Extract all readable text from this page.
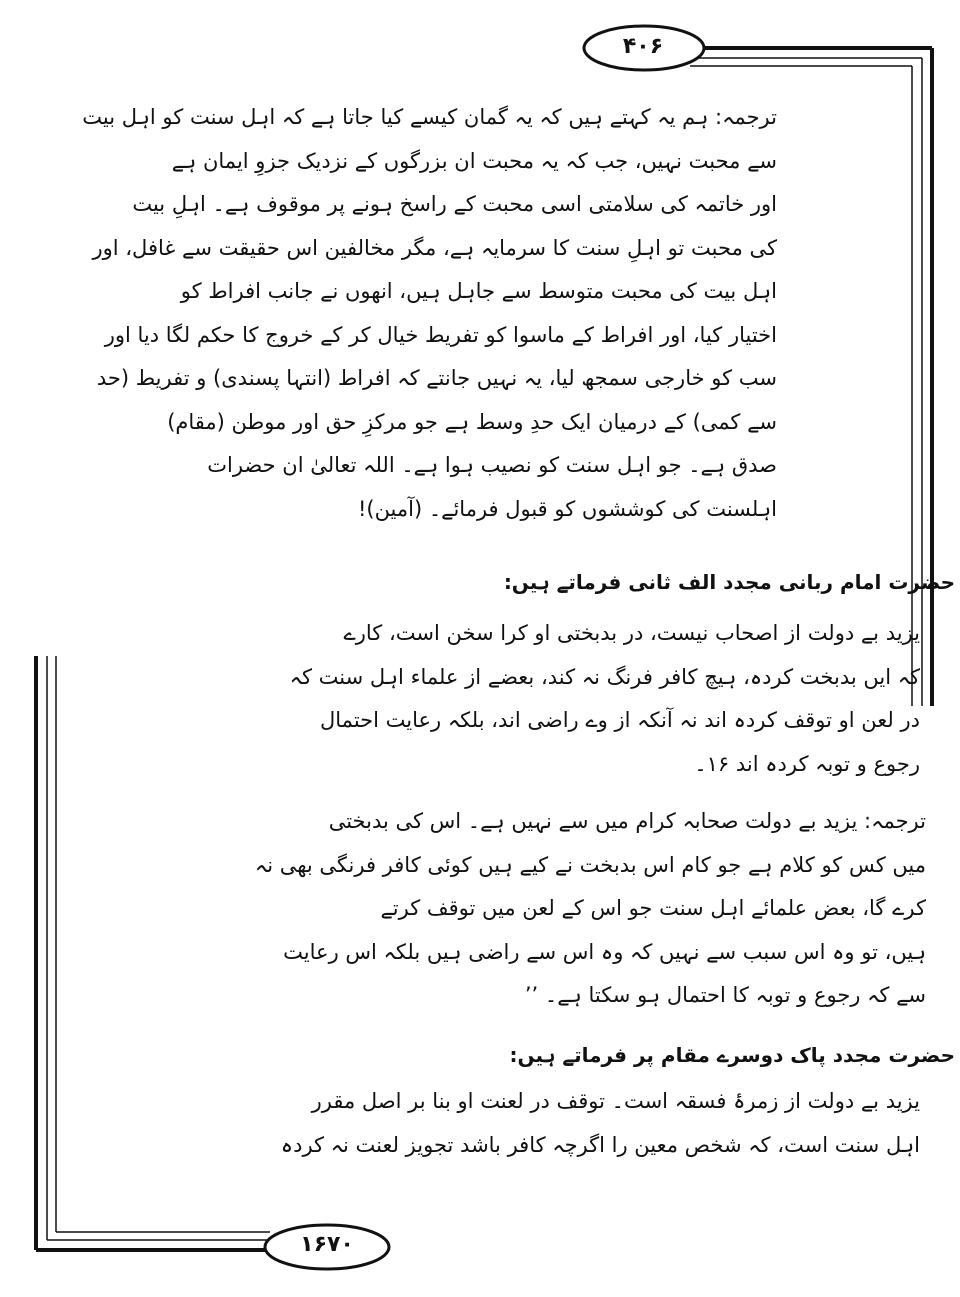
۴۰۶
۱۶۷۰
ترجمہ: ہم یہ کہتے ہیں کہ یہ گمان کیسے کیا جاتا ہے کہ اہل سنت کو اہل بیت
سے محبت نہیں، جب کہ یہ محبت ان بزرگوں کے نزدیک جزوِ ایمان ہے
اور خاتمہ کی سلامتی اسی محبت کے راسخ ہونے پر موقوف ہے۔ اہلِ بیت
کی محبت تو اہلِ سنت کا سرمایہ ہے، مگر مخالفین اس حقیقت سے غافل، اور
اہل بیت کی محبت متوسط سے جاہل ہیں، انھوں نے جانب افراط کو
اختیار کیا، اور افراط کے ماسوا کو تفریط خیال کر کے خروج کا حکم لگا دیا اور
سب کو خارجی سمجھ لیا، یہ نہیں جانتے کہ افراط (انتہا پسندی) و تفریط (حد
سے کمی) کے درمیان ایک حدِ وسط ہے جو مرکزِ حق اور موطن (مقام)
صدق ہے۔ جو اہل سنت کو نصیب ہوا ہے۔ اللہ تعالیٰ ان حضرات
اہلسنت کی کوششوں کو قبول فرمائے۔ (آمین)!
حضرت امام ربانی مجدد الف ثانی فرماتے ہیں:
یزید بے دولت از اصحاب نیست، در بدبختی او کرا سخن است، کارے
کہ ایں بدبخت کردہ، ہیچ کافر فرنگ نہ کند، بعضے از علماء اہل سنت کہ
در لعن او توقف کردہ اند نہ آنکہ از وے راضی اند، بلکہ رعایت احتمال
رجوع و توبہ کردہ اند ۱۶۔
ترجمہ: یزید بے دولت صحابہ کرام میں سے نہیں ہے۔ اس کی بدبختی
میں کس کو کلام ہے جو کام اس بدبخت نے کیے ہیں کوئی کافر فرنگی بھی نہ
کرے گا، بعض علمائے اہل سنت جو اس کے لعن میں توقف کرتے
ہیں، تو وہ اس سبب سے نہیں کہ وہ اس سے راضی ہیں بلکہ اس رعایت
سے کہ رجوع و توبہ کا احتمال ہو سکتا ہے۔ ’’
حضرت مجدد پاک دوسرے مقام پر فرماتے ہیں:
یزید بے دولت از زمرۂ فسقہ است۔ توقف در لعنت او بنا بر اصل مقرر
اہل سنت است، کہ شخص معین را اگرچہ کافر باشد تجویز لعنت نہ کردہ
